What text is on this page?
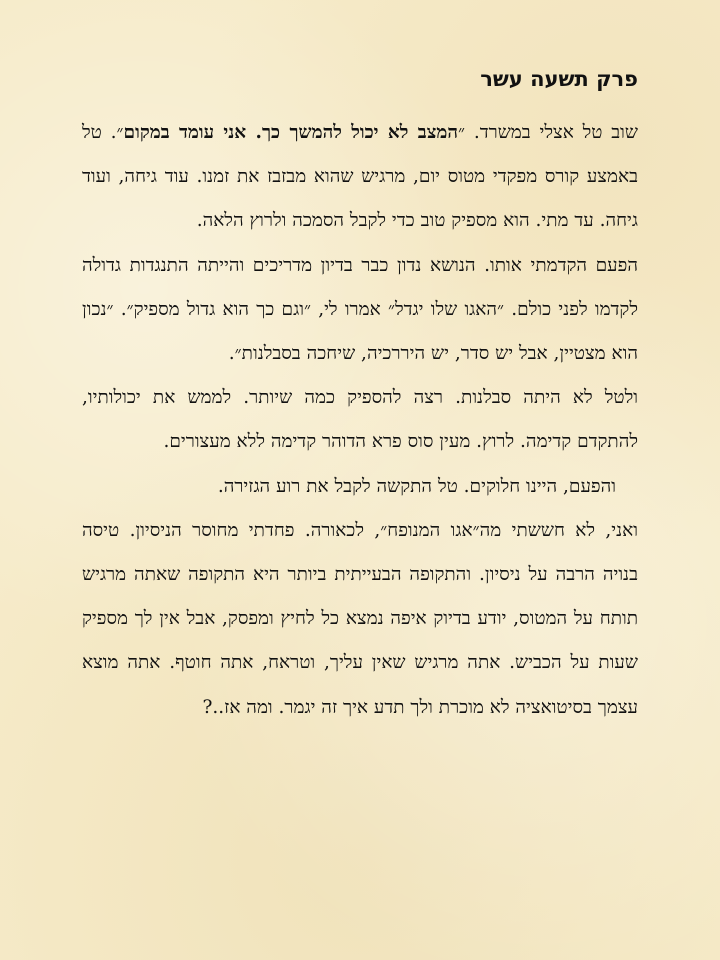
פרק תשעה עשר

שוב טל אצלי במשרד. ״המצב לא יכול להמשך כך. אני עומד במקום״. טל באמצע קורס מפקדי מטוס יום, מרגיש שהוא מבזבז את זמנו. עוד גיחה, ועוד גיחה. עד מתי. הוא מספיק טוב כדי לקבל הסמכה ולרוץ הלאה.

הפעם הקדמתי אותו. הנושא נדון כבר בדיון מדריכים והייתה התנגדות גדולה לקדמו לפני כולם. ״האגו שלו יגדל״ אמרו לי, ״וגם כך הוא גדול מספיק״. ״נכון הוא מצטיין, אבל יש סדר, יש היררכיה, שיחכה בסבלנות״.

ולטל לא היתה סבלנות. רצה להספיק כמה שיותר. לממש את יכולותיו, להתקדם קדימה. לרוץ. מעין סוס פרא הדוהר קדימה ללא מעצורים.

והפעם, היינו חלוקים. טל התקשה לקבל את רוע הגזירה.

ואני, לא חששתי מה״אגו המנופח״, לכאורה. פחדתי מחוסר הניסיון. טיסה בנויה הרבה על ניסיון. והתקופה הבעייתית ביותר היא התקופה שאתה מרגיש תותח על המטוס, יודע בדיוק איפה נמצא כל לחיץ ומפסק, אבל אין לך מספיק שעות על הכביש. אתה מרגיש שאין עליך, וטראח, אתה חוטף. אתה מוצא עצמך בסיטואציה לא מוכרת ולך תדע איך זה יגמר. ומה אז..?
